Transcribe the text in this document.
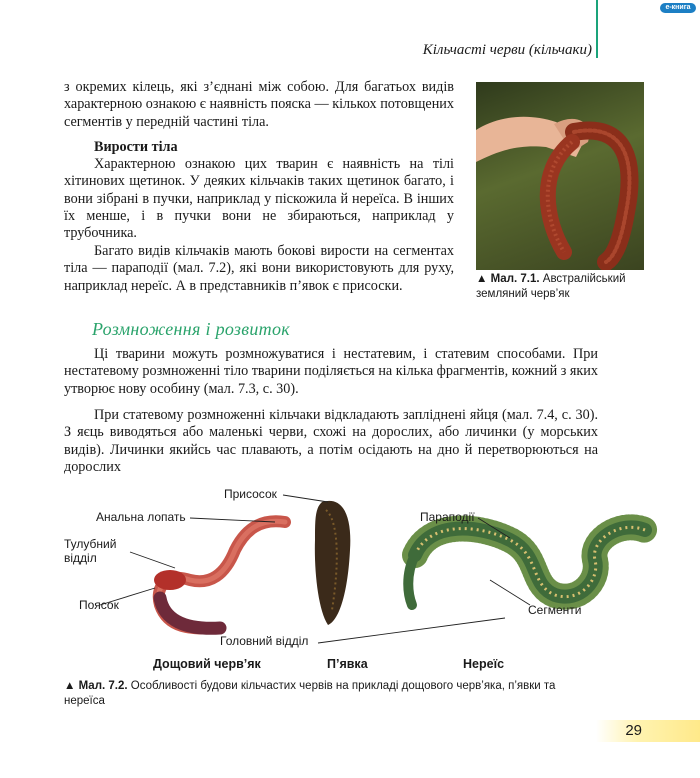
e-книга
Кільчасті черви (кільчаки)

з окремих кілець, які з’єднані між собою. Для багатьох видів характерною ознакою є наявність пояска — кількох потовщених сегментів у передній частині тіла.

Вирости тіла

Характерною ознакою цих тварин є наявність на тілі хітинових щетинок. У деяких кільчаків таких щетинок багато, і вони зібрані в пучки, наприклад у піскожила й нереїса. В інших їх менше, і в пучки вони не збираються, наприклад у трубочника.

Багато видів кільчаків мають бокові вирости на сегментах тіла — параподії (мал. 7.2), які вони використовують для руху, наприклад нереїс. А в представників п’явок є присоски.	▲ Мал. 7.1. Австралійський земляний черв’як
Розмноження і розвиток

Ці тварини можуть розмножуватися і нестатевим, і статевим способами. При нестатевому розмноженні тіло тварини поділяється на кілька фрагментів, кожний з яких утворює нову особину (мал. 7.3, с. 30).

При статевому розмноженні кільчаки відкладають запліднені яйця (мал. 7.4, с. 30). З яєць виводяться або маленькі черви, схожі на дорослих, або личинки (у морських видів). Личинки якийсь час плавають, а потім осідають на дно й перетворюються на дорослих

Анальна лопать
Тулубний відділ
Поясок
Присосок
Головний відділ
Параподії
Сегменти
Дощовий черв’як	П’явка	Нереїс
▲ Мал. 7.2. Особливості будови кільчастих червів на прикладі дощового черв’яка, п’явки та нереїса
29
